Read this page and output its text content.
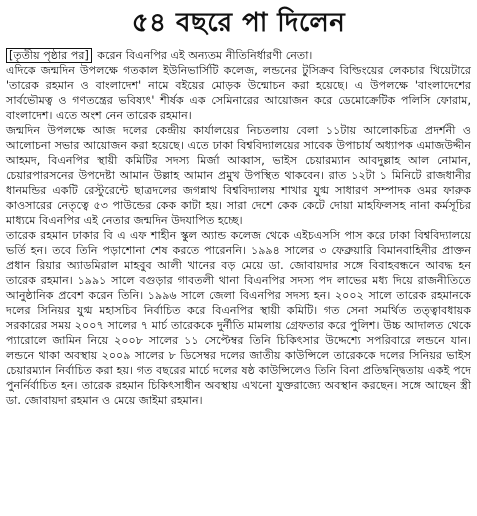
৫৪ বছরে পা দিলেন

[তৃতীয় পৃষ্ঠার পর] করেন বিএনপির এই অন্যতম নীতিনির্ধারণী নেতা।

এদিকে জন্মদিন উপলক্ষে গতকাল ইউনিভার্সিটি কলেজ, লন্ডনের টুসিক্রব বিল্ডিংয়ের লেকচার থিয়েটারে 'তারেক রহমান ও বাংলাদেশ' নামে বইয়ের মোড়ক উন্মোচন করা হয়েছে। এ উপলক্ষে 'বাংলাদেশের সার্বভৌমত্ব ও গণতন্ত্রের ভবিষ্যৎ' শীর্ষক এক সেমিনারের আয়োজন করে ডেমোক্রেটিক পলিসি ফোরাম, বাংলাদেশ। এতে অংশ নেন তারেক রহমান।

জন্মদিন উপলক্ষে আজ দলের কেন্দ্রীয় কার্যালয়ের নিচতলায় বেলা ১১টায় আলোকচিত্র প্রদর্শনী ও আলোচনা সভার আয়োজন করা হয়েছে। এতে ঢাকা বিশ্ববিদ্যালয়ের সাবেক উপাচার্য অধ্যাপক এমাজউদ্দীন আহমদ, বিএনপির স্থায়ী কমিটির সদস্য মির্জা আব্বাস, ভাইস চেয়ারম্যান আবদুল্লাহ আল নোমান, চেয়ারপারসনের উপদেষ্টা আমান উল্লাহ আমান প্রমুখ উপস্থিত থাকবেন। রাত ১২টা ১ মিনিটে রাজধানীর ধানমন্ডির একটি রেস্টুরেন্টে ছাত্রদলের জগন্নাথ বিশ্ববিদ্যালয় শাখার যুগ্ম সাধারণ সম্পাদক ওমর ফারুক কাওসারের নেতৃত্বে ৫৩ পাউন্ডের কেক কাটা হয়। সারা দেশে কেক কেটে দোয়া মাহফিলসহ নানা কর্মসূচির মাধ্যমে বিএনপির এই নেতার জন্মদিন উদযাপিত হচ্ছে।

তারেক রহমান ঢাকার বি এ এফ শাহীন স্কুল অ্যান্ড কলেজ থেকে এইচএসসি পাস করে ঢাকা বিশ্ববিদ্যালয়ে ভর্তি হন। তবে তিনি পড়াশোনা শেষ করতে পারেননি। ১৯৯৪ সালের ৩ ফেব্রুয়ারি বিমানবাহিনীর প্রাক্তন প্রধান রিয়ার অ্যাডমিরাল মাহবুব আলী খানের বড় মেয়ে ডা. জোবায়দার সঙ্গে বিবাহবন্ধনে আবদ্ধ হন তারেক রহমান। ১৯৯১ সালে বগুড়ার গাবতলী থানা বিএনপির সদস্য পদ লাভের মধ্য দিয়ে রাজনীতিতে আনুষ্ঠানিক প্রবেশ করেন তিনি। ১৯৯৬ সালে জেলা বিএনপির সদস্য হন। ২০০২ সালে তারেক রহমানকে দলের সিনিয়র যুগ্ম মহাসচিব নির্বাচিত করে বিএনপির স্থায়ী কমিটি। গত সেনা সমর্থিত তত্ত্বাবধায়ক সরকারের সময় ২০০৭ সালের ৭ মার্চ তারেককে দুর্নীতি মামলায় গ্রেফতার করে পুলিশ। উচ্চ আদালত থেকে প্যারোলে জামিন নিয়ে ২০০৮ সালের ১১ সেপ্টেম্বর তিনি চিকিৎসার উদ্দেশ্যে সপরিবারে লন্ডনে যান। লন্ডনে থাকা অবস্থায় ২০০৯ সালের ৮ ডিসেম্বর দলের জাতীয় কাউন্সিলে তারেককে দলের সিনিয়র ভাইস চেয়ারম্যান নির্বাচিত করা হয়। গত বছরের মার্চে দলের ষষ্ঠ কাউন্সিলেও তিনি বিনা প্রতিদ্বন্দ্বিতায় একই পদে পুনর্নির্বাচিত হন। তারেক রহমান চিকিৎসাধীন অবস্থায় এখনো যুক্তরাজ্যে অবস্থান করছেন। সঙ্গে আছেন স্ত্রী ডা. জোবায়দা রহমান ও মেয়ে জাইমা রহমান।
